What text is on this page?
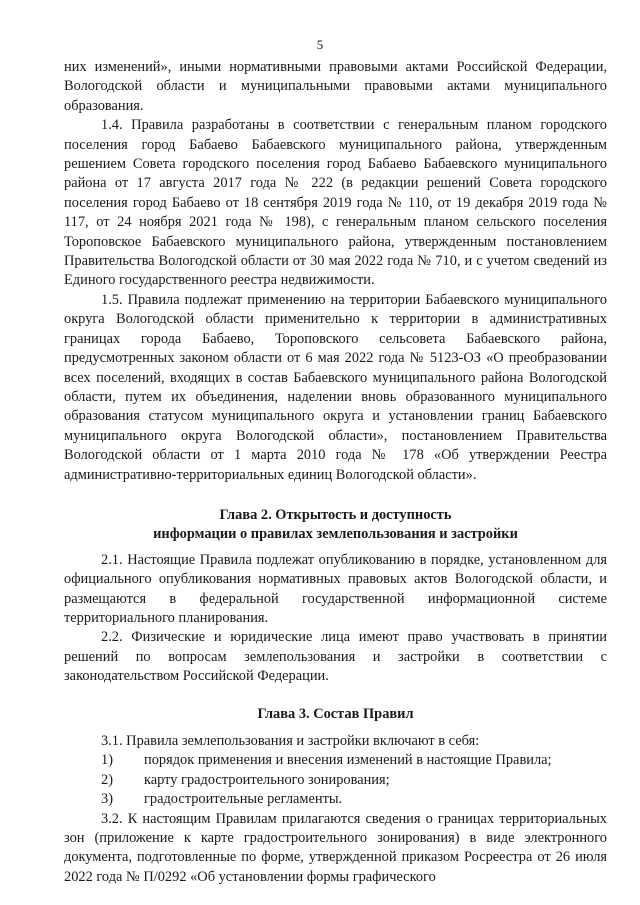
5

них изменений», иными нормативными правовыми актами Российской Федерации, Вологодской области и муниципальными правовыми актами муниципального образования.

1.4. Правила разработаны в соответствии с генеральным планом городского поселения город Бабаево Бабаевского муниципального района, утвержденным решением Совета городского поселения город Бабаево Бабаевского муниципального района от 17 августа 2017 года № 222 (в редакции решений Совета городского поселения город Бабаево от 18 сентября 2019 года № 110, от 19 декабря 2019 года № 117, от 24 ноября 2021 года № 198), с генеральным планом сельского поселения Тороповское Бабаевского муниципального района, утвержденным постановлением Правительства Вологодской области от 30 мая 2022 года № 710, и с учетом сведений из Единого государственного реестра недвижимости.

1.5. Правила подлежат применению на территории Бабаевского муниципального округа Вологодской области применительно к территории в административных границах города Бабаево, Тороповского сельсовета Бабаевского района, предусмотренных законом области от 6 мая 2022 года № 5123-ОЗ «О преобразовании всех поселений, входящих в состав Бабаевского муниципального района Вологодской области, путем их объединения, наделении вновь образованного муниципального образования статусом муниципального округа и установлении границ Бабаевского муниципального округа Вологодской области», постановлением Правительства Вологодской области от 1 марта 2010 года № 178 «Об утверждении Реестра административно-территориальных единиц Вологодской области».

Глава 2. Открытость и доступность
информации о правилах землепользования и застройки

2.1. Настоящие Правила подлежат опубликованию в порядке, установленном для официального опубликования нормативных правовых актов Вологодской области, и размещаются в федеральной государственной информационной системе территориального планирования.

2.2. Физические и юридические лица имеют право участвовать в принятии решений по вопросам землепользования и застройки в соответствии с законодательством Российской Федерации.

Глава 3. Состав Правил

3.1. Правила землепользования и застройки включают в себя:

1) порядок применения и внесения изменений в настоящие Правила;

2) карту градостроительного зонирования;

3) градостроительные регламенты.

3.2. К настоящим Правилам прилагаются сведения о границах территориальных зон (приложение к карте градостроительного зонирования) в виде электронного документа, подготовленные по форме, утвержденной приказом Росреестра от 26 июля 2022 года № П/0292 «Об установлении формы графического
